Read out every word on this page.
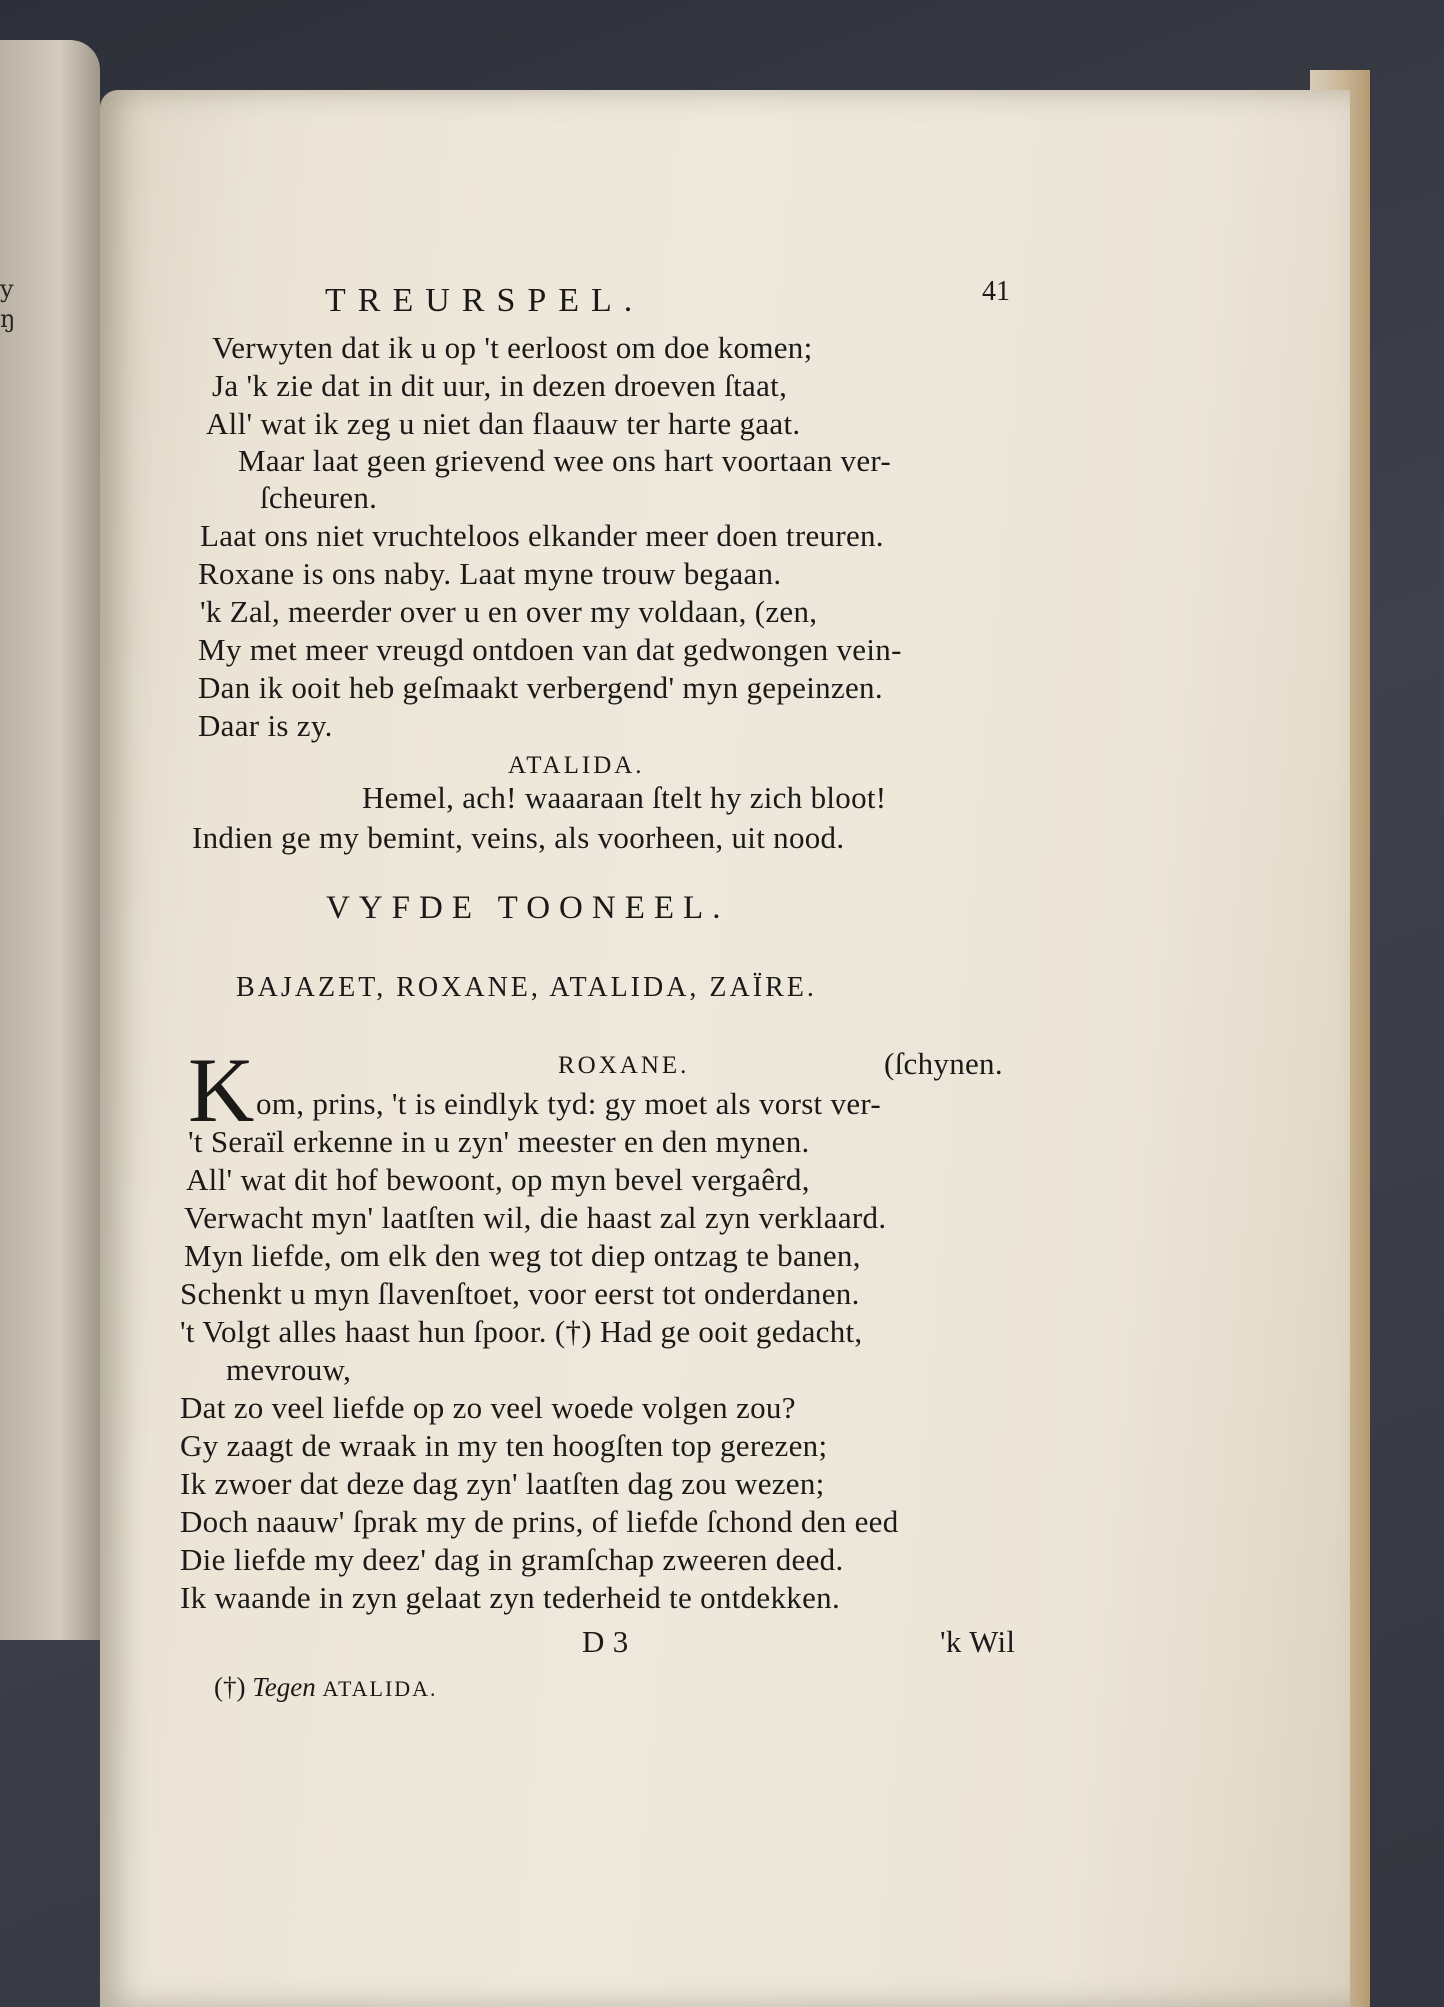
y
ŋ	TREURSPEL.	41
Verwyten dat ik u op 't eerloost om doe komen;
Ja 'k zie dat in dit uur, in dezen droeven ſtaat,
All' wat ik zeg u niet dan flaauw ter harte gaat.
Maar laat geen grievend wee ons hart voortaan ver-
ſcheuren.
Laat ons niet vruchteloos elkander meer doen treuren.
Roxane is ons naby. Laat myne trouw begaan.
'k Zal, meerder over u en over my voldaan, (zen,
My met meer vreugd ontdoen van dat gedwongen vein-
Dan ik ooit heb geſmaakt verbergend' myn gepeinzen.
Daar is zy.
ATALIDA.
Hemel, ach! waaaraan ſtelt hy zich bloot!
Indien ge my bemint, veins, als voorheen, uit nood.
VYFDE TOONEEL.
BAJAZET, ROXANE, ATALIDA, ZAÏRE.
K	ROXANE.	(ſchynen.
om, prins, 't is eindlyk tyd: gy moet als vorst ver-
't Seraïl erkenne in u zyn' meester en den mynen.
All' wat dit hof bewoont, op myn bevel vergaêrd,
Verwacht myn' laatſten wil, die haast zal zyn verklaard.
Myn liefde, om elk den weg tot diep ontzag te banen,
Schenkt u myn ſlavenſtoet, voor eerst tot onderdanen.
't Volgt alles haast hun ſpoor. (†) Had ge ooit gedacht,
mevrouw,
Dat zo veel liefde op zo veel woede volgen zou?
Gy zaagt de wraak in my ten hoogſten top gerezen;
Ik zwoer dat deze dag zyn' laatſten dag zou wezen;
Doch naauw' ſprak my de prins, of liefde ſchond den eed
Die liefde my deez' dag in gramſchap zweeren deed.
Ik waande in zyn gelaat zyn tederheid te ontdekken.
D 3	'k Wil
(†) Tegen ATALIDA.
